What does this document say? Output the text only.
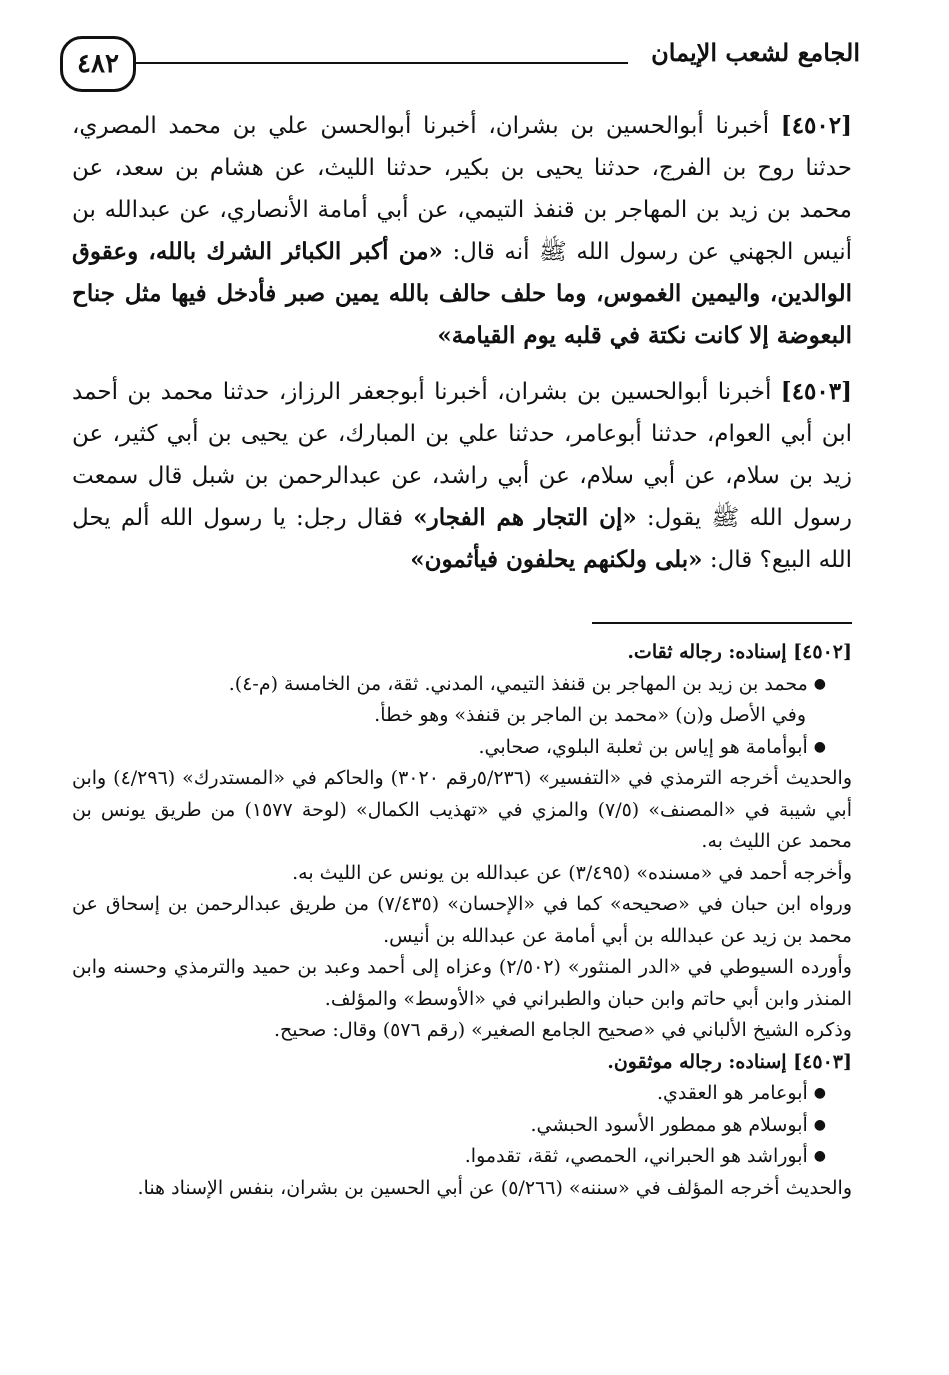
٤٨٢	الجامع لشعب الإيمان

[٤٥٠٢] أخبرنا أبوالحسين بن بشران، أخبرنا أبوالحسن علي بن محمد المصري، حدثنا روح بن الفرج، حدثنا يحيى بن بكير، حدثنا الليث، عن هشام بن سعد، عن محمد بن زيد بن المهاجر بن قنفذ التيمي، عن أبي أمامة الأنصاري، عن عبدالله بن أنيس الجهني عن رسول الله ﷺ أنه قال: «من أكبر الكبائر الشرك بالله، وعقوق الوالدين، واليمين الغموس، وما حلف حالف بالله يمين صبر فأدخل فيها مثل جناح البعوضة إلا كانت نكتة في قلبه يوم القيامة»

[٤٥٠٣] أخبرنا أبوالحسين بن بشران، أخبرنا أبوجعفر الرزاز، حدثنا محمد بن أحمد ابن أبي العوام، حدثنا أبوعامر، حدثنا علي بن المبارك، عن يحيى بن أبي كثير، عن زيد بن سلام، عن أبي سلام، عن أبي راشد، عن عبدالرحمن بن شبل قال سمعت رسول الله ﷺ يقول: «إن التجار هم الفجار» فقال رجل: يا رسول الله ألم يحل الله البيع؟ قال: «بلى ولكنهم يحلفون فيأثمون»

[٤٥٠٢] إسناده: رجاله ثقات.

●محمد بن زيد بن المهاجر بن قنفذ التيمي، المدني. ثقة، من الخامسة (م-٤).

وفي الأصل و(ن) «محمد بن الماجر بن قنفذ» وهو خطأ.

●أبوأمامة هو إياس بن ثعلبة البلوي، صحابي.

والحديث أخرجه الترمذي في «التفسير» (٥/٢٣٦رقم ٣٠٢٠) والحاكم في «المستدرك» (٤/٢٩٦) وابن أبي شيبة في «المصنف» (٧/٥) والمزي في «تهذيب الكمال» (لوحة ١٥٧٧) من طريق يونس بن محمد عن الليث به.

وأخرجه أحمد في «مسنده» (٣/٤٩٥) عن عبدالله بن يونس عن الليث به.

ورواه ابن حبان في «صحيحه» كما في «الإحسان» (٧/٤٣٥) من طريق عبدالرحمن بن إسحاق عن محمد بن زيد عن عبدالله بن أبي أمامة عن عبدالله بن أنيس.

وأورده السيوطي في «الدر المنثور» (٢/٥٠٢) وعزاه إلى أحمد وعبد بن حميد والترمذي وحسنه وابن المنذر وابن أبي حاتم وابن حبان والطبراني في «الأوسط» والمؤلف.

وذكره الشيخ الألباني في «صحيح الجامع الصغير» (رقم ٥٧٦) وقال: صحيح.

[٤٥٠٣] إسناده: رجاله موثقون.

●أبوعامر هو العقدي.

●أبوسلام هو ممطور الأسود الحبشي.

●أبوراشد هو الحبراني، الحمصي، ثقة، تقدموا.

والحديث أخرجه المؤلف في «سننه» (٥/٢٦٦) عن أبي الحسين بن بشران، بنفس الإسناد هنا.
